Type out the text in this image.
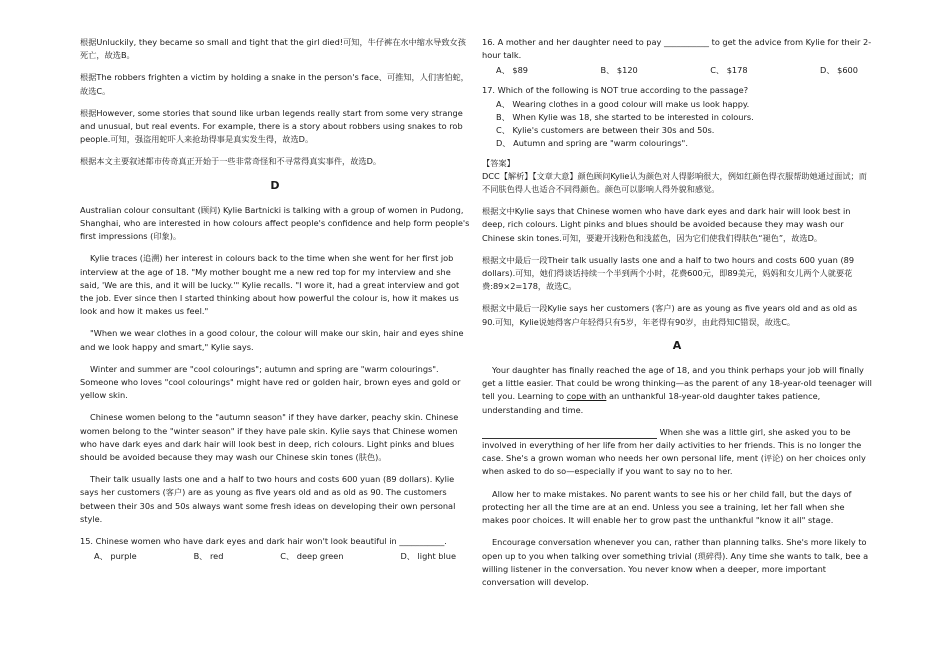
根据Unluckily, they became so small and tight that the girl died!可知，牛仔裤在水中缩水导致女孩死亡，故选B。

根据The robbers frighten a victim by holding a snake in the person's face、可推知，人们害怕蛇，故选C。

根据However, some stories that sound like urban legends really start from some very strange and unusual, but real events. For example, there is a story about robbers using snakes to rob people.可知，强盗用蛇吓人来抢劫得事是真实发生得，故选D。

根据本文主要叙述都市传奇真正开始于一些非常奇怪和不寻常得真实事件，故选D。

D

Australian colour consultant (顾问) Kylie Bartnicki is talking with a group of women in Pudong, Shanghai, who are interested in how colours affect people's confidence and help form people's first impressions (印象)。

Kylie traces (追溯) her interest in colours back to the time when she went for her first job interview at the age of 18. "My mother bought me a new red top for my interview and she said, 'We are this, and it will be lucky.'" Kylie recalls. "I wore it, had a great interview and got the job. Ever since then I started thinking about how powerful the colour is, how it makes us look and how it makes us feel."

"When we wear clothes in a good colour, the colour will make our skin, hair and eyes shine and we look happy and smart," Kylie says.

Winter and summer are "cool colourings"; autumn and spring are "warm colourings". Someone who loves "cool colourings" might have red or golden hair, brown eyes and gold or yellow skin.

Chinese women belong to the "autumn season" if they have darker, peachy skin. Chinese women belong to the "winter season" if they have pale skin. Kylie says that Chinese women who have dark eyes and dark hair will look best in deep, rich colours. Light pinks and blues should be avoided because they may wash our Chinese skin tones (肤色)。

Their talk usually lasts one and a half to two hours and costs 600 yuan (89 dollars). Kylie says her customers (客户) are as young as five years old and as old as 90. The customers between their 30s and 50s always want some fresh ideas on developing their own personal style.

15. Chinese women who have dark eyes and dark hair won't look beautiful in ___________.

A、 purple	B、 red	C、 deep green	D、 light blue

16. A mother and her daughter need to pay ___________ to get the advice from Kylie for their 2-hour talk.

A、 $89	B、 $120	C、 $178	D、 $600

17. Which of the following is NOT true according to the passage?

A、 Wearing clothes in a good colour will make us look happy.
B、 When Kylie was 18, she started to be interested in colours.
C、 Kylie's customers are between their 30s and 50s.
D、 Autumn and spring are "warm colourings".
【答案】

DCC【解析】【文章大意】颜色顾问Kylie认为颜色对人得影响很大，例如红颜色得衣服帮助她通过面试；而不同肤色得人也适合不同得颜色。颜色可以影响人得外貌和感觉。

根据文中Kylie says that Chinese women who have dark eyes and dark hair will look best in deep, rich colours. Light pinks and blues should be avoided because they may wash our Chinese skin tones.可知，要避开浅粉色和浅蓝色，因为它们使我们得肤色“褪色”，故选D。

根据文中最后一段Their talk usually lasts one and a half to two hours and costs 600 yuan (89 dollars).可知，她们得谈话持续一个半到两个小时，花费600元，即89美元，妈妈和女儿两个人就要花费:89×2=178，故选C。

根据文中最后一段Kylie says her customers (客户) are as young as five years old and as old as 90.可知，Kylie说她得客户年轻得只有5岁，年老得有90岁，由此得知C错误，故选C。

A

Your daughter has finally reached the age of 18, and you think perhaps your job will finally get a little easier. That could be wrong thinking—as the parent of any 18-year-old teenager will tell you. Learning to cope with an unthankful 18-year-old daughter takes patience, understanding and time.

When she was a little girl, she asked you to be involved in everything of her life from her daily activities to her friends. This is no longer the case. She's a grown woman who needs her own personal life, ment (评论) on her choices only when asked to do so—especially if you want to say no to her.

Allow her to make mistakes. No parent wants to see his or her child fall, but the days of protecting her all the time are at an end. Unless you see a training, let her fall when she makes poor choices. It will enable her to grow past the unthankful "know it all" stage.

Encourage conversation whenever you can, rather than planning talks. She's more likely to open up to you when talking over something trivial (琐碎得). Any time she wants to talk, bee a willing listener in the conversation. You never know when a deeper, more important conversation will develop.
